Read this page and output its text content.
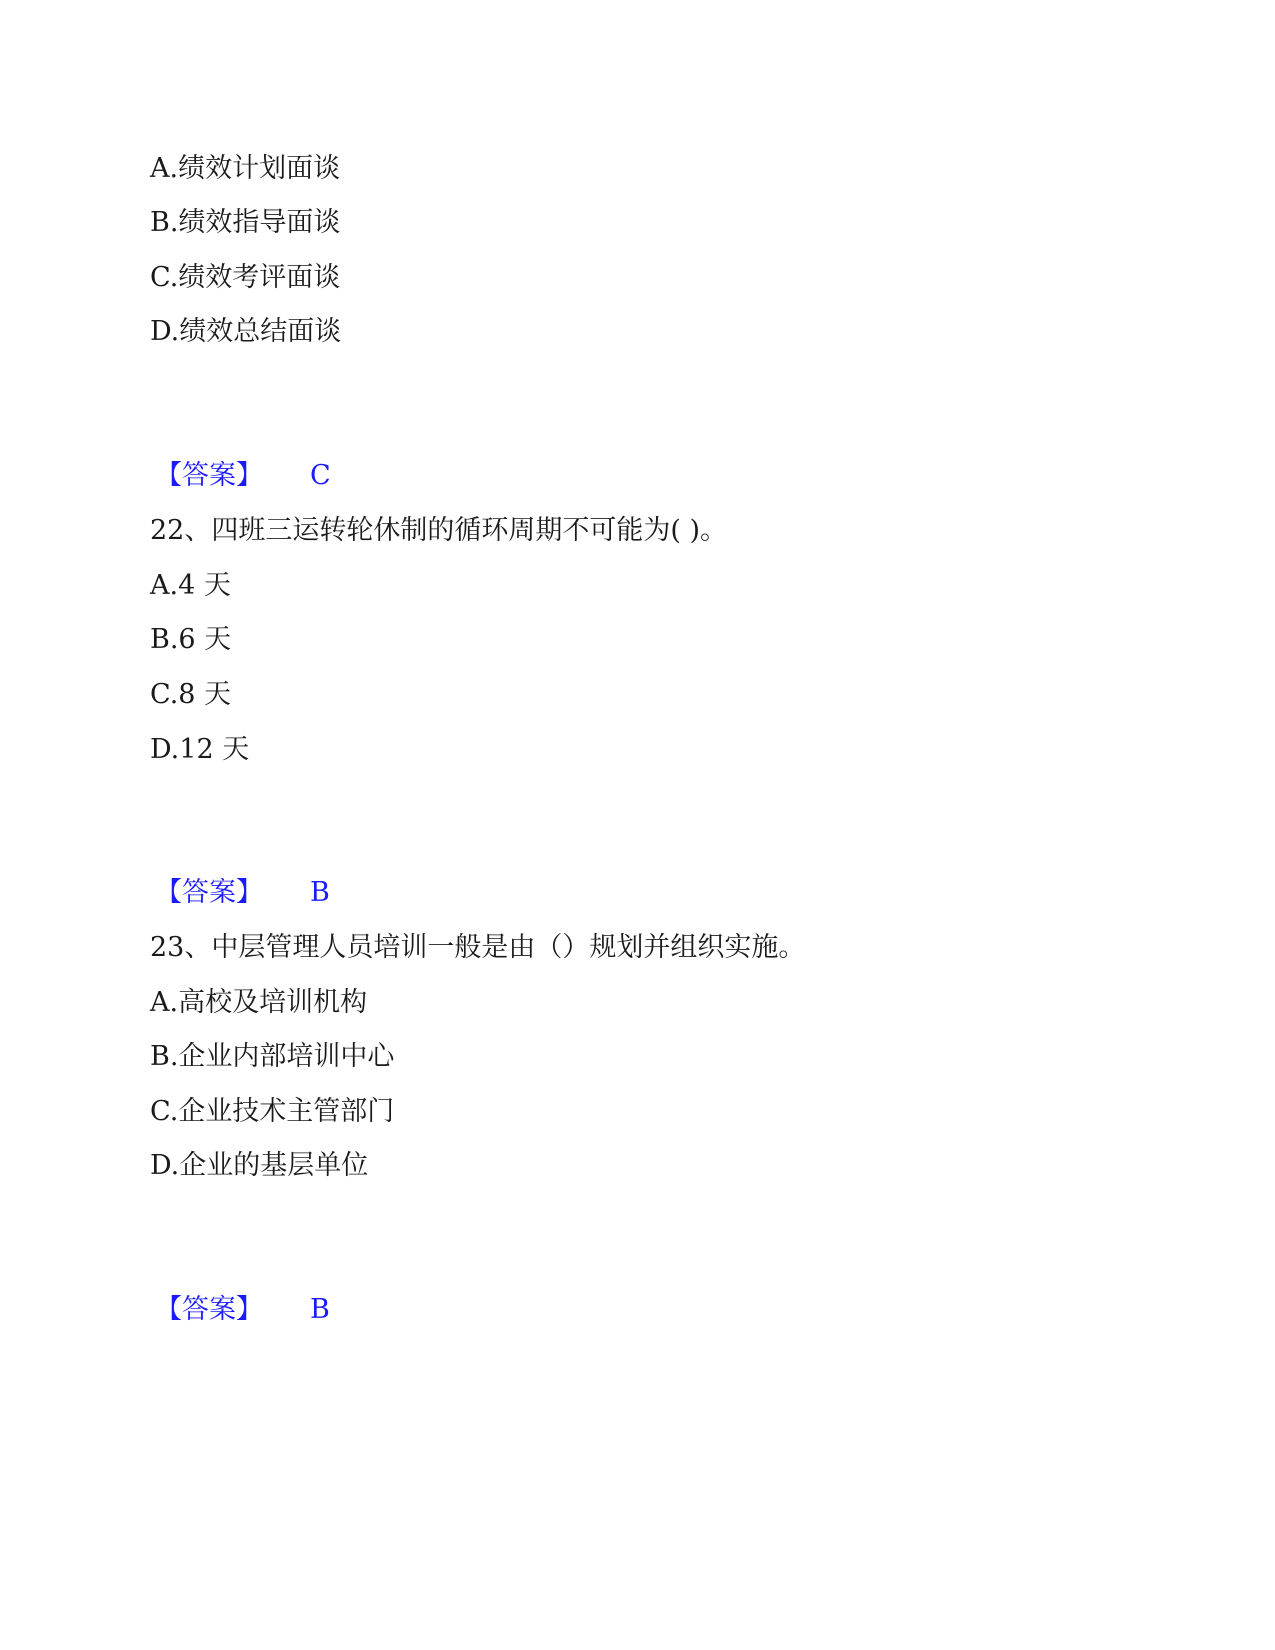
A.绩效计划面谈
B.绩效指导面谈
C.绩效考评面谈
D.绩效总结面谈
【答案】 C
22、四班三运转轮休制的循环周期不可能为( )。
A.4 天
B.6 天
C.8 天
D.12 天
【答案】 B
23、中层管理人员培训一般是由（）规划并组织实施。
A.高校及培训机构
B.企业内部培训中心
C.企业技术主管部门
D.企业的基层单位
【答案】 B
